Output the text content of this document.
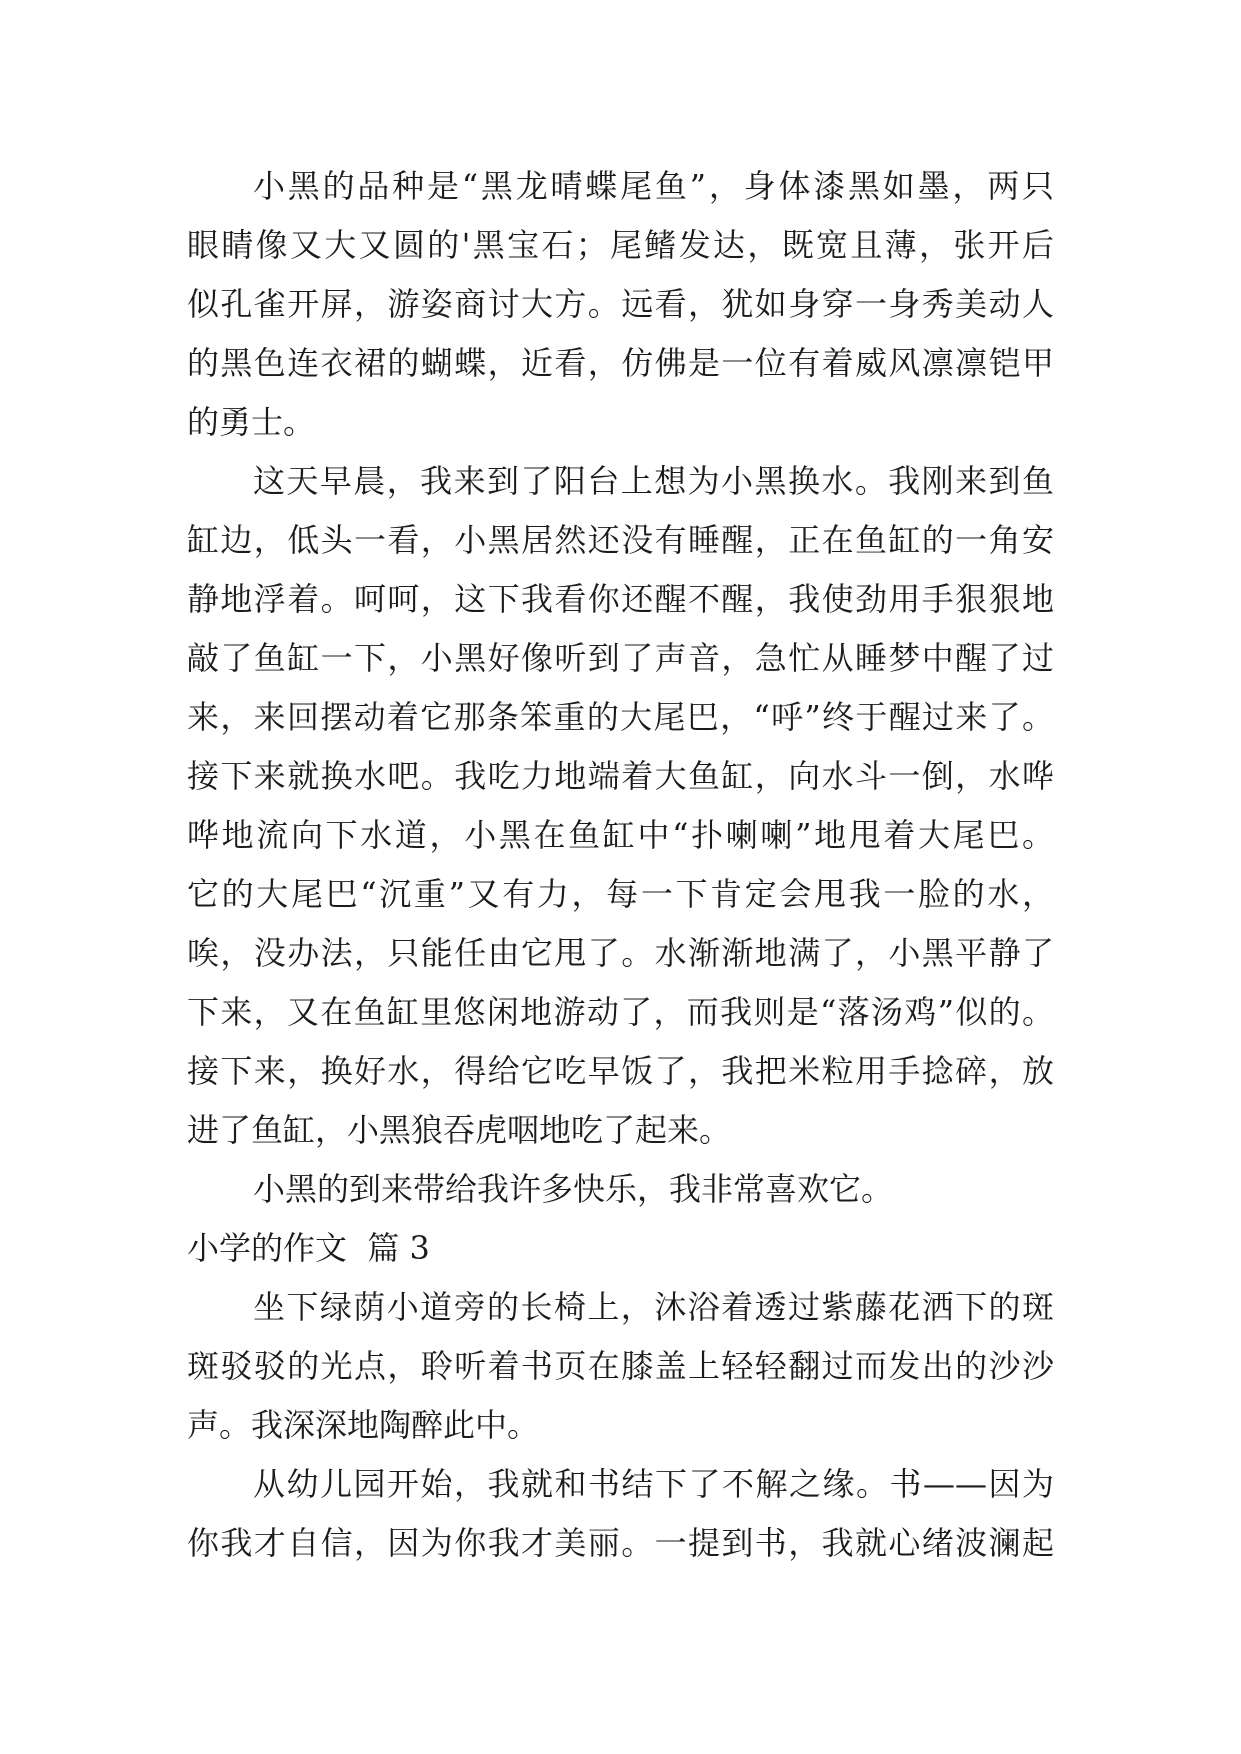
小黑的品种是“黑龙晴蝶尾鱼”，身体漆黑如墨，两只
眼睛像又大又圆的'黑宝石；尾鳍发达，既宽且薄，张开后
似孔雀开屏，游姿商讨大方。远看，犹如身穿一身秀美动人
的黑色连衣裙的蝴蝶，近看，仿佛是一位有着威风凛凛铠甲
的勇士。
这天早晨，我来到了阳台上想为小黑换水。我刚来到鱼
缸边，低头一看，小黑居然还没有睡醒，正在鱼缸的一角安
静地浮着。呵呵，这下我看你还醒不醒，我使劲用手狠狠地
敲了鱼缸一下，小黑好像听到了声音，急忙从睡梦中醒了过
来，来回摆动着它那条笨重的大尾巴，“呼”终于醒过来了。
接下来就换水吧。我吃力地端着大鱼缸，向水斗一倒，水哗
哗地流向下水道，小黑在鱼缸中“扑喇喇”地甩着大尾巴。
它的大尾巴“沉重”又有力，每一下肯定会甩我一脸的水，
唉，没办法，只能任由它甩了。水渐渐地满了，小黑平静了
下来，又在鱼缸里悠闲地游动了，而我则是“落汤鸡”似的。
接下来，换好水，得给它吃早饭了，我把米粒用手捻碎，放
进了鱼缸，小黑狼吞虎咽地吃了起来。
小黑的到来带给我许多快乐，我非常喜欢它。
小学的作文  篇 3
坐下绿荫小道旁的长椅上，沐浴着透过紫藤花洒下的斑
斑驳驳的光点，聆听着书页在膝盖上轻轻翻过而发出的沙沙
声。我深深地陶醉此中。
从幼儿园开始，我就和书结下了不解之缘。书——因为
你我才自信，因为你我才美丽。一提到书，我就心绪波澜起
